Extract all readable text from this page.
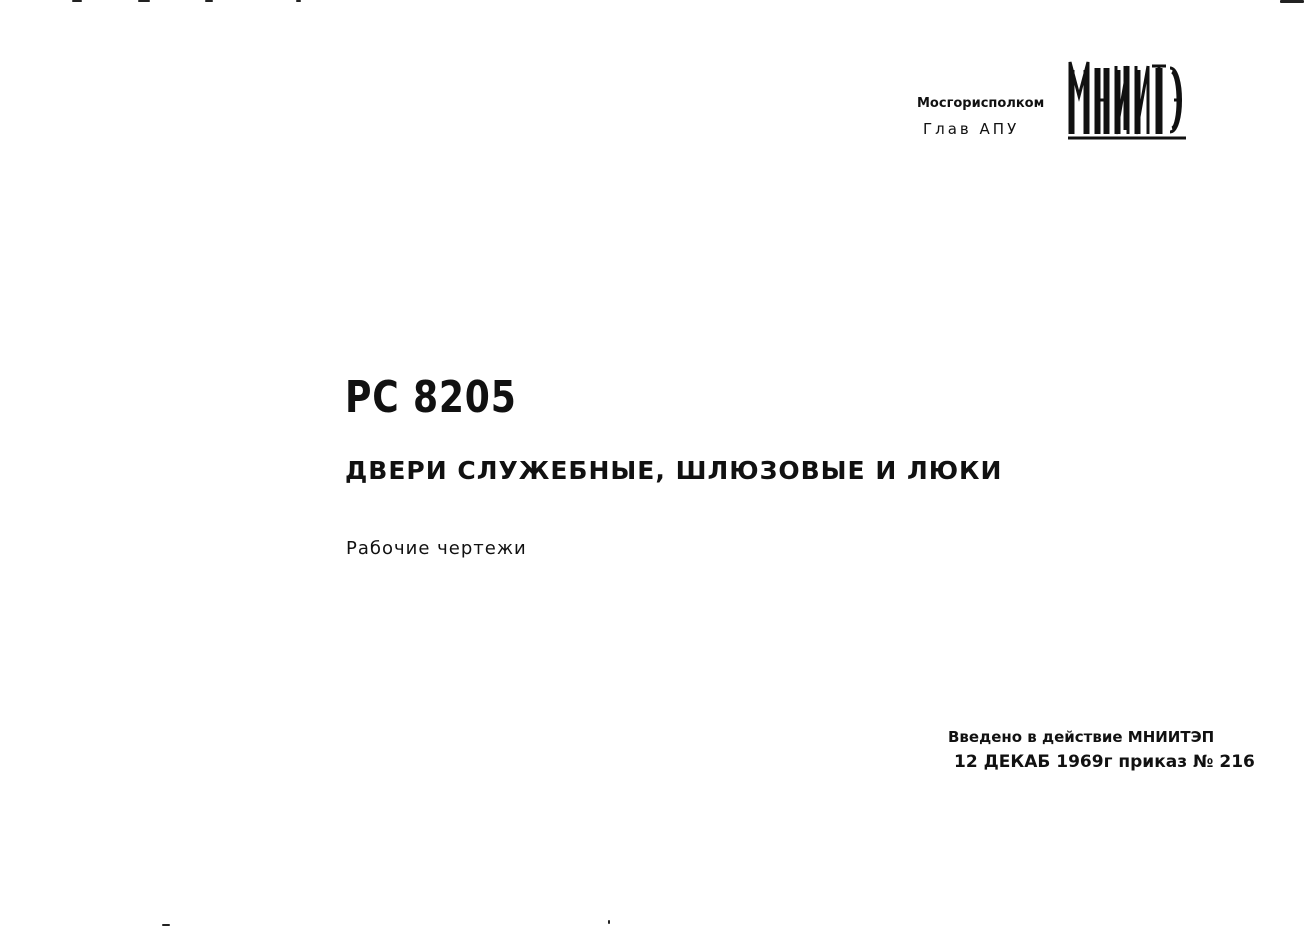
Мосгорисполком
Глав АПУ
РС 8205
ДВЕРИ СЛУЖЕБНЫЕ, ШЛЮЗОВЫЕ И ЛЮКИ
Рабочие чертежи
Введено в действие МНИИТЭП
12 ДЕКАБ 1969г приказ № 216
